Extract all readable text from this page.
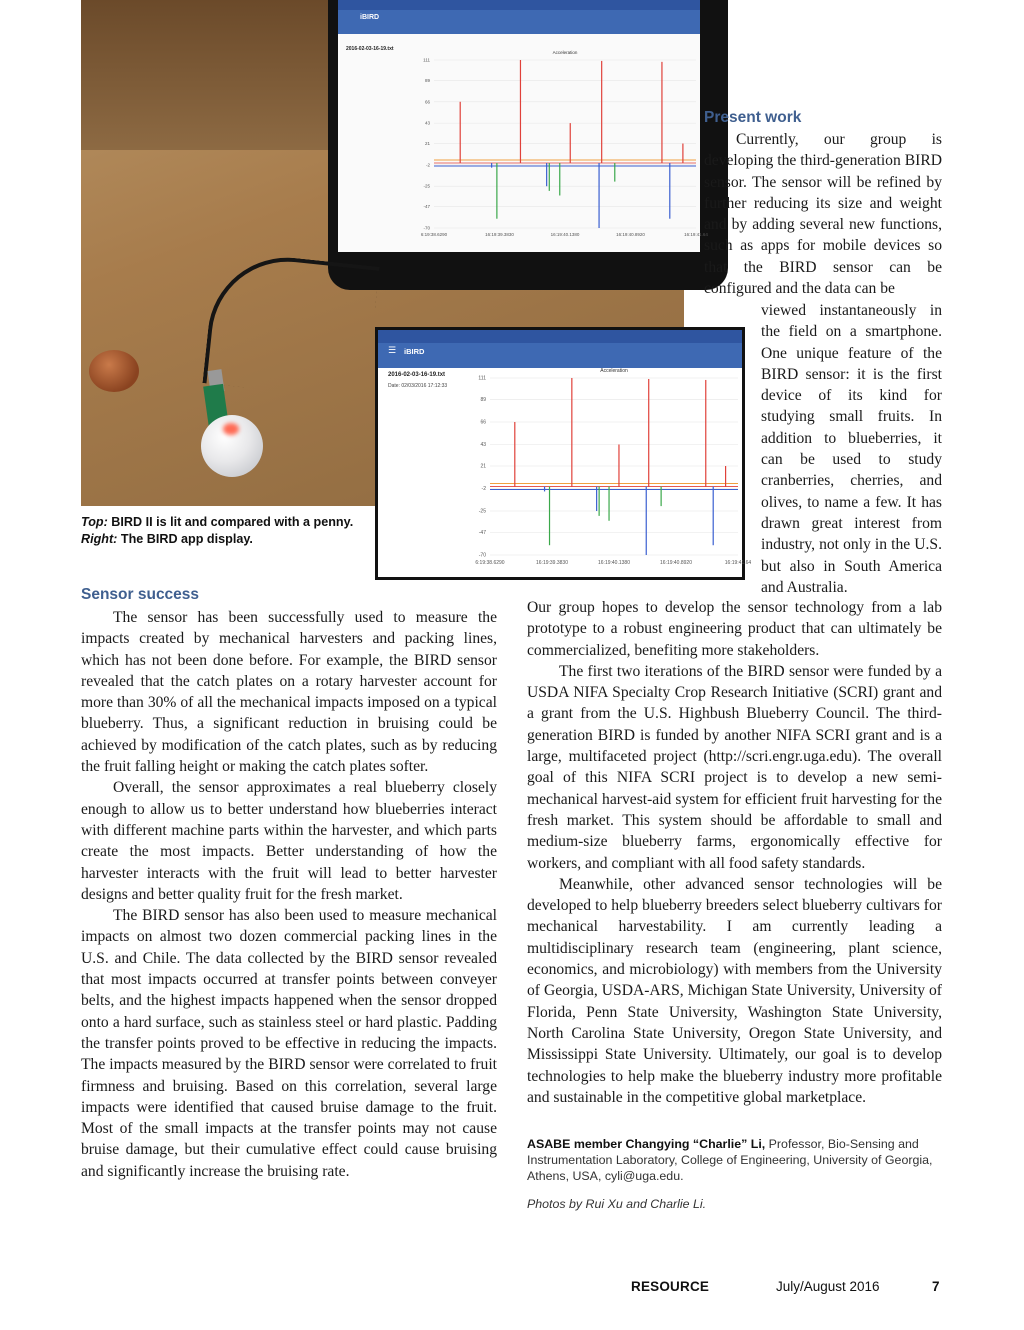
iBIRD
2016-02-03-16-19.txt
111
89
66
43
21
-2
-25
-47
-70
6:19:38.6290	16:19:39.3830	16:19:40.1380	16:19:40.8920	16:19:41.64
Acceleration
☰ iBIRD
2016-02-03-16-19.txt
Date: 02/03/2016 17:12:33
111
89
66
43
21
-2
-25
-47
-70
6:19:38.6290	16:19:39.3830	16:19:40.1380	16:19:40.8920	16:19:41.64
Acceleration
Top: BIRD II is lit and compared with a penny. Right: The BIRD app display.
Sensor success

The sensor has been successfully used to measure the impacts created by mechanical harvesters and packing lines, which has not been done before. For example, the BIRD sensor revealed that the catch plates on a rotary harvester account for more than 30% of all the mechanical impacts imposed on a typical blueberry. Thus, a significant reduction in bruising could be achieved by modification of the catch plates, such as by reducing the fruit falling height or making the catch plates softer.

Overall, the sensor approximates a real blueberry closely enough to allow us to better understand how blueberries interact with different machine parts within the harvester, and which parts create the most impacts. Better understanding of how the harvester interacts with the fruit will lead to better harvester designs and better quality fruit for the fresh market.

The BIRD sensor has also been used to measure mechanical impacts on almost two dozen commercial packing lines in the U.S. and Chile. The data collected by the BIRD sensor revealed that most impacts occurred at transfer points between conveyer belts, and the highest impacts happened when the sensor dropped onto a hard surface, such as stainless steel or hard plastic. Padding the transfer points proved to be effective in reducing the impacts. The impacts measured by the BIRD sensor were correlated to fruit firmness and bruising. Based on this correlation, several large impacts were identified that caused bruise damage to the fruit. Most of the small impacts at the transfer points may not cause bruise damage, but their cumulative effect could cause bruising and significantly increase the bruising rate.

Present work

Currently, our group is developing the third-generation BIRD sensor. The sensor will be refined by further reducing its size and weight and by adding several new functions, such as apps for mobile devices so that the BIRD sensor can be configured and the data can be

viewed instantaneously in the field on a smartphone. One unique feature of the BIRD sensor: it is the first device of its kind for studying small fruits. In addition to blueberries, it can be used to study cranberries, cherries, and olives, to name a few. It has drawn great interest from industry, not only in the U.S. but also in South America and Australia.

Our group hopes to develop the sensor technology from a lab prototype to a robust engineering product that can ultimately be commercialized, benefiting more stakeholders.

The first two iterations of the BIRD sensor were funded by a USDA NIFA Specialty Crop Research Initiative (SCRI) grant and a grant from the U.S. Highbush Blueberry Council. The third-generation BIRD is funded by another NIFA SCRI grant and is a large, multifaceted project (http://scri.engr.uga.edu). The overall goal of this NIFA SCRI project is to develop a new semi-mechanical harvest-aid system for efficient fruit harvesting for the fresh market. This system should be affordable to small and medium-size blueberry farms, ergonomically effective for workers, and compliant with all food safety standards.

Meanwhile, other advanced sensor technologies will be developed to help blueberry breeders select blueberry cultivars for mechanical harvestability. I am currently leading a multidisciplinary research team (engineering, plant science, economics, and microbiology) with members from the University of Georgia, USDA-ARS, Michigan State University, University of Florida, Penn State University, Washington State University, North Carolina State University, Oregon State University, and Mississippi State University. Ultimately, our goal is to develop technologies to help make the blueberry industry more profitable and sustainable in the competitive global marketplace.

ASABE member Changying “Charlie” Li, Professor, Bio-Sensing and Instrumentation Laboratory, College of Engineering, University of Georgia, Athens, USA, cyli@uga.edu.
Photos by Rui Xu and Charlie Li.
RESOURCE	July/August 2016	7
